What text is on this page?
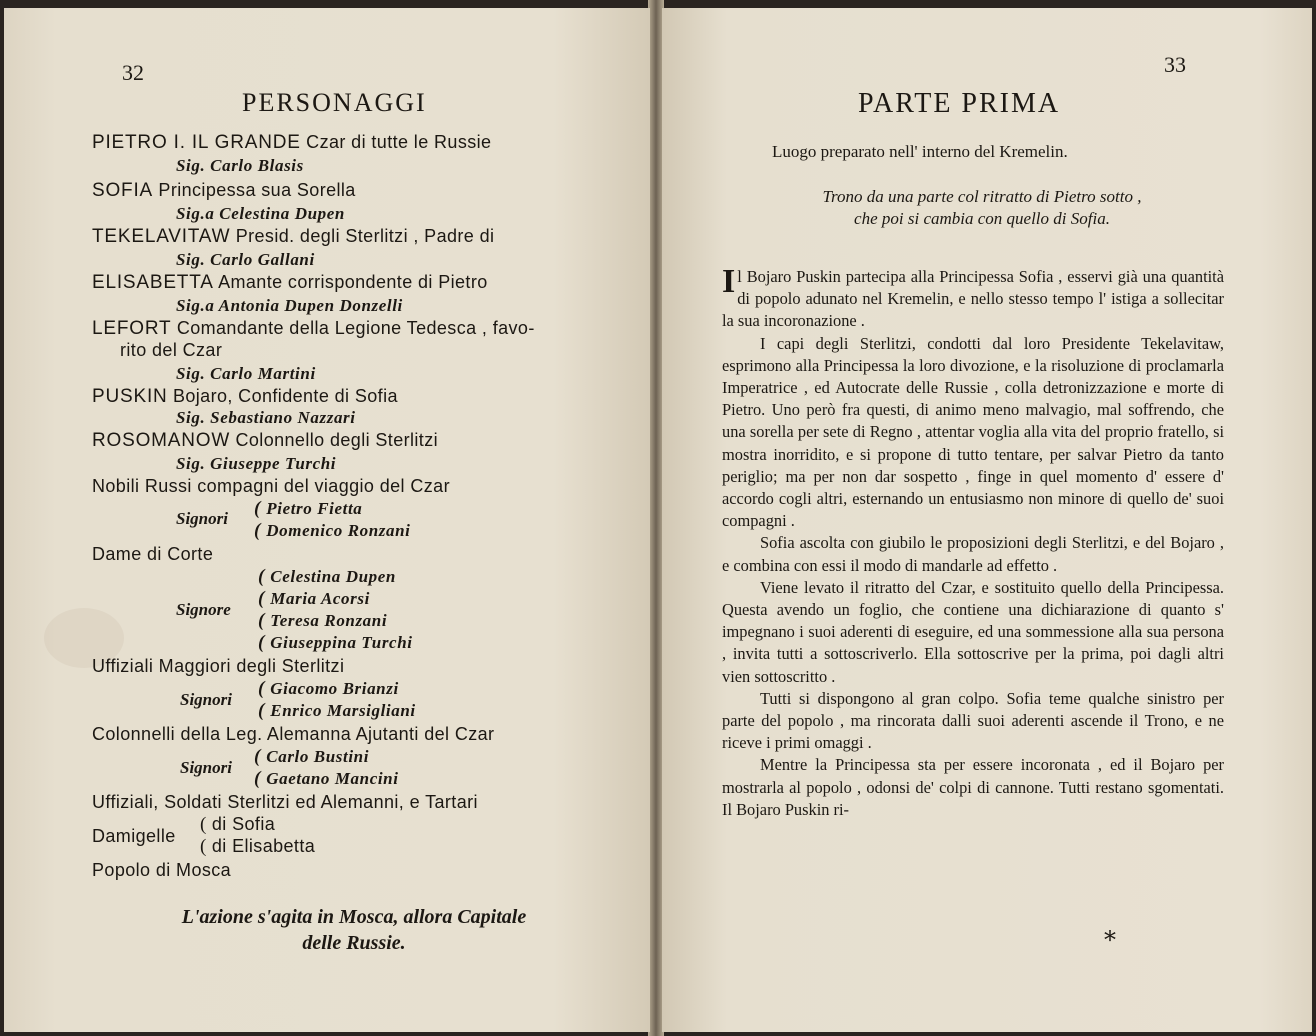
32
PERSONAGGI
PIETRO I. IL GRANDE Czar di tutte le Russie
Sig. Carlo Blasis
SOFIA Principessa sua Sorella
Sig.a Celestina Dupen
TEKELAVITAW Presid. degli Sterlitzi , Padre di
Sig. Carlo Gallani
ELISABETTA Amante corrispondente di Pietro
Sig.a Antonia Dupen Donzelli
LEFORT Comandante della Legione Tedesca , favo-
rito del Czar
Sig. Carlo Martini
PUSKIN Bojaro, Confidente di Sofia
Sig. Sebastiano Nazzari
ROSOMANOW Colonnello degli Sterlitzi
Sig. Giuseppe Turchi
Nobili Russi compagni del viaggio del Czar
Signori ( Pietro Fietta
( Domenico Ronzani
Dame di Corte
Signore
( Celestina Dupen
( Maria Acorsi
( Teresa Ronzani
( Giuseppina Turchi
Uffiziali Maggiori degli Sterlitzi
Signori
( Giacomo Brianzi
( Enrico Marsigliani
Colonnelli della Leg. Alemanna Ajutanti del Czar
Signori
( Carlo Bustini
( Gaetano Mancini
Uffiziali, Soldati Sterlitzi ed Alemanni, e Tartari
Damigelle
( di Sofia
( di Elisabetta
Popolo di Mosca
L'azione s'agita in Mosca, allora Capitale
delle Russie.
33
PARTE PRIMA
Luogo preparato nell' interno del Kremelin.
Trono da una parte col ritratto di Pietro sotto ,
che poi si cambia con quello di Sofia.

Il Bojaro Puskin partecipa alla Principessa Sofia , esservi già una quantità di popolo adunato nel Kremelin, e nello stesso tempo l' istiga a sollecitar la sua incoronazione .

I capi degli Sterlitzi, condotti dal loro Presidente Tekelavitaw, esprimono alla Principessa la loro divozione, e la risoluzione di proclamarla Imperatrice , ed Autocrate delle Russie , colla detronizzazione e morte di Pietro. Uno però fra questi, di animo meno malvagio, mal soffrendo, che una sorella per sete di Regno , attentar voglia alla vita del proprio fratello, si mostra inorridito, e si propone di tutto tentare, per salvar Pietro da tanto periglio; ma per non dar sospetto , finge in quel momento d' essere d' accordo cogli altri, esternando un entusiasmo non minore di quello de' suoi compagni .

Sofia ascolta con giubilo le proposizioni degli Sterlitzi, e del Bojaro , e combina con essi il modo di mandarle ad effetto .

Viene levato il ritratto del Czar, e sostituito quello della Principessa. Questa avendo un foglio, che contiene una dichiarazione di quanto s' impegnano i suoi aderenti di eseguire, ed una sommessione alla sua persona , invita tutti a sottoscriverlo. Ella sottoscrive per la prima, poi dagli altri vien sottoscritto .

Tutti si dispongono al gran colpo. Sofia teme qualche sinistro per parte del popolo , ma rincorata dalli suoi aderenti ascende il Trono, e ne riceve i primi omaggi .

Mentre la Principessa sta per essere incoronata , ed il Bojaro per mostrarla al popolo , odonsi de' colpi di cannone. Tutti restano sgomentati. Il Bojaro Puskin ri-

*
